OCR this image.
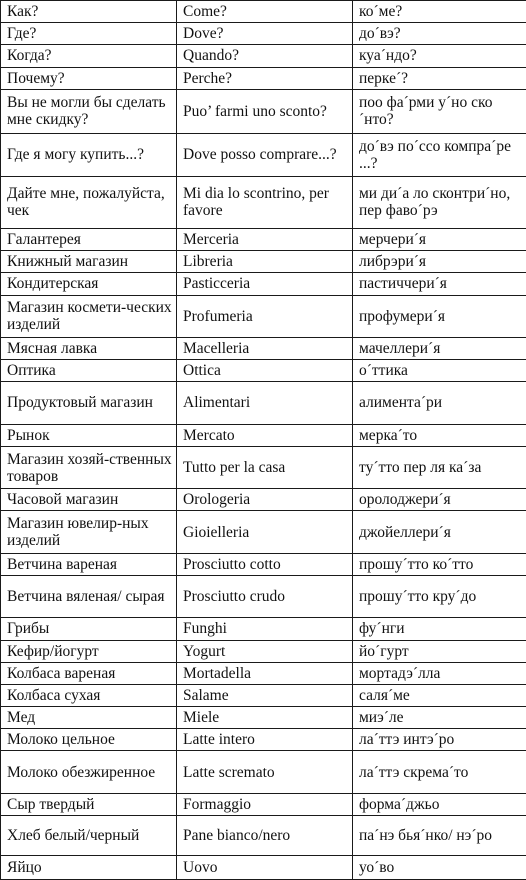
Как?	Come?	ко´ме?
Где?	Dove?	до´вэ?
Когда?	Quando?	куа´ндо?
Почему?	Perche?	перке´?
Вы не могли бы сделать мне скидку?	Puo’ farmi uno sconto?	поо фа´рми у´но ско´нто?
Где я могу купить...?	Dove posso comprare...?	до´вэ по´ссо компра´ре ...?
Дайте мне, пожалуйста, чек	Mi dia lo scontrino, per favore	ми ди´а ло сконтри´но, пер фаво´рэ
Галантерея	Merceria	мерчери´я
Книжный магазин	Libreria	либрэри´я
Кондитерская	Pasticceria	пастиччери´я
Магазин космети-ческих изделий	Profumeria	профумери´я
Мясная лавка	Macelleria	мачеллери´я
Оптика	Ottica	о´ттика
Продуктовый магазин	Alimentari	алимента´ри
Рынок	Mercato	мерка´то
Магазин хозяй-ственных товаров	Tutto per la casa	ту´тто пер ля ка´за
Часовой магазин	Orologeria	оролоджери´я
Магазин ювелир-ных изделий	Gioielleria	джойеллери´я
Ветчина вареная	Prosciutto cotto	прошу´тто ко´тто
Ветчина вяленая/ сырая	Prosciutto crudo	прошу´тто кру´до
Грибы	Funghi	фу´нги
Кефир/йогурт	Yogurt	йо´гурт
Колбаса вареная	Mortadella	мортадэ´лла
Колбаса сухая	Salame	саля´ме
Мед	Miele	миэ´ле
Молоко цельное	Latte intero	ла´ттэ интэ´ро
Молоко обезжиренное	Latte scremato	ла´ттэ скрема´то
Сыр твердый	Formaggio	форма´джьо
Хлеб белый/черный	Pane bianco/nero	па´нэ бья´нко/ нэ´ро
Яйцо	Uovo	уо´во
